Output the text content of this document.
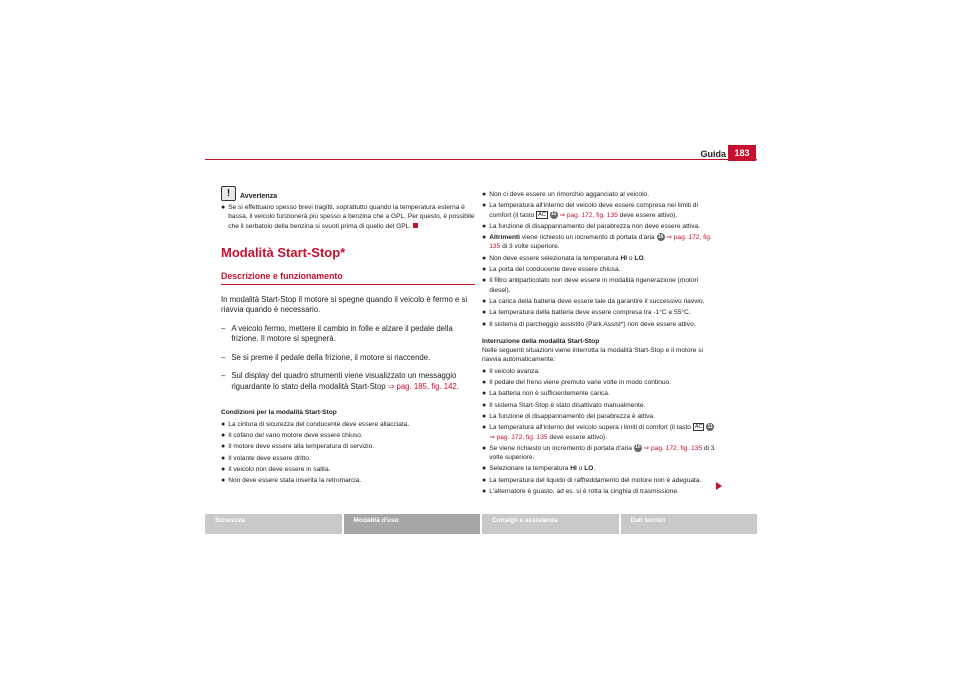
Guida 183
!	Avvertenza
● Se si effettuano spesso brevi tragitti, soprattutto quando la temperatura esterna è bassa, il veicolo funzionerà più spesso a benzina che a GPL. Per questo, è possibile che il serbatoio della benzina si svuoti prima di quello del GPL.
Modalità Start-Stop*
Descrizione e funzionamento
In modalità Start-Stop il motore si spegne quando il veicolo è fermo e si riavvia quando è necessario.
– A veicolo fermo, mettere il cambio in folle e alzare il pedale della frizione. Il motore si spegnerà.
– Se si preme il pedale della frizione, il motore si riaccende.
– Sul display del quadro strumenti viene visualizzato un messaggio riguardante lo stato della modalità Start-Stop ⇒ pag. 185, fig. 142.
Condizioni per la modalità Start-Stop
● La cintura di sicurezza del conducente deve essere allacciata.
● Il cofano del vano motore deve essere chiuso.
● Il motore deve essere alla temperatura di servizio.
● Il volante deve essere dritto.
● Il veicolo non deve essere in salita.
● Non deve essere stata inserita la retromarcia.
● Non ci deve essere un rimorchio agganciato al veicolo.
● La temperatura all'interno del veicolo deve essere compresa nei limiti di comfort (il tasto AC 11 ⇒ pag. 172, fig. 135 deve essere attivo).
● La funzione di disappannamento del parabrezza non deve essere attiva.
● Altrimenti viene richiesto un incremento di portata d'aria 16 ⇒ pag. 172, fig. 135 di 3 volte superiore.
● Non deve essere selezionata la temperatura HI o LO.
● La porta del conducente deve essere chiusa.
● Il filtro antiparticolato non deve essere in modalità rigenerazione (motori diesel).
● La carica della batteria deve essere tale da garantire il successivo riavvio.
● La temperatura della batteria deve essere compresa tra -1°C e 55°C.
● Il sistema di parcheggio assistito (Park Assist*) non deve essere attivo.
Interruzione della modalità Start-Stop
Nelle seguenti situazioni viene interrotta la modalità Start-Stop e il motore si riavvia automaticamente:
● Il veicolo avanza.
● Il pedale del freno viene premuto varie volte in modo continuo.
● La batteria non è sufficientemente carica.
● Il sistema Start-Stop è stato disattivato manualmente.
● La funzione di disappannamento del parabrezza è attiva.
● La temperatura all'interno del veicolo supera i limiti di comfort (il tasto AC 11 ⇒ pag. 172, fig. 135 deve essere attivo).
● Se viene richiesto un incremento di portata d'aria 16 ⇒ pag. 172, fig. 135 di 3 volte superiore.
● Selezionare la temperatura HI o LO.
● La temperatura del liquido di raffreddamento del motore non è adeguata.
● L'alternatore è guasto, ad es. si è rotta la cinghia di trasmissione.
Sicurezza	Modalità d'uso	Consigli e assistenza	Dati tecnici
